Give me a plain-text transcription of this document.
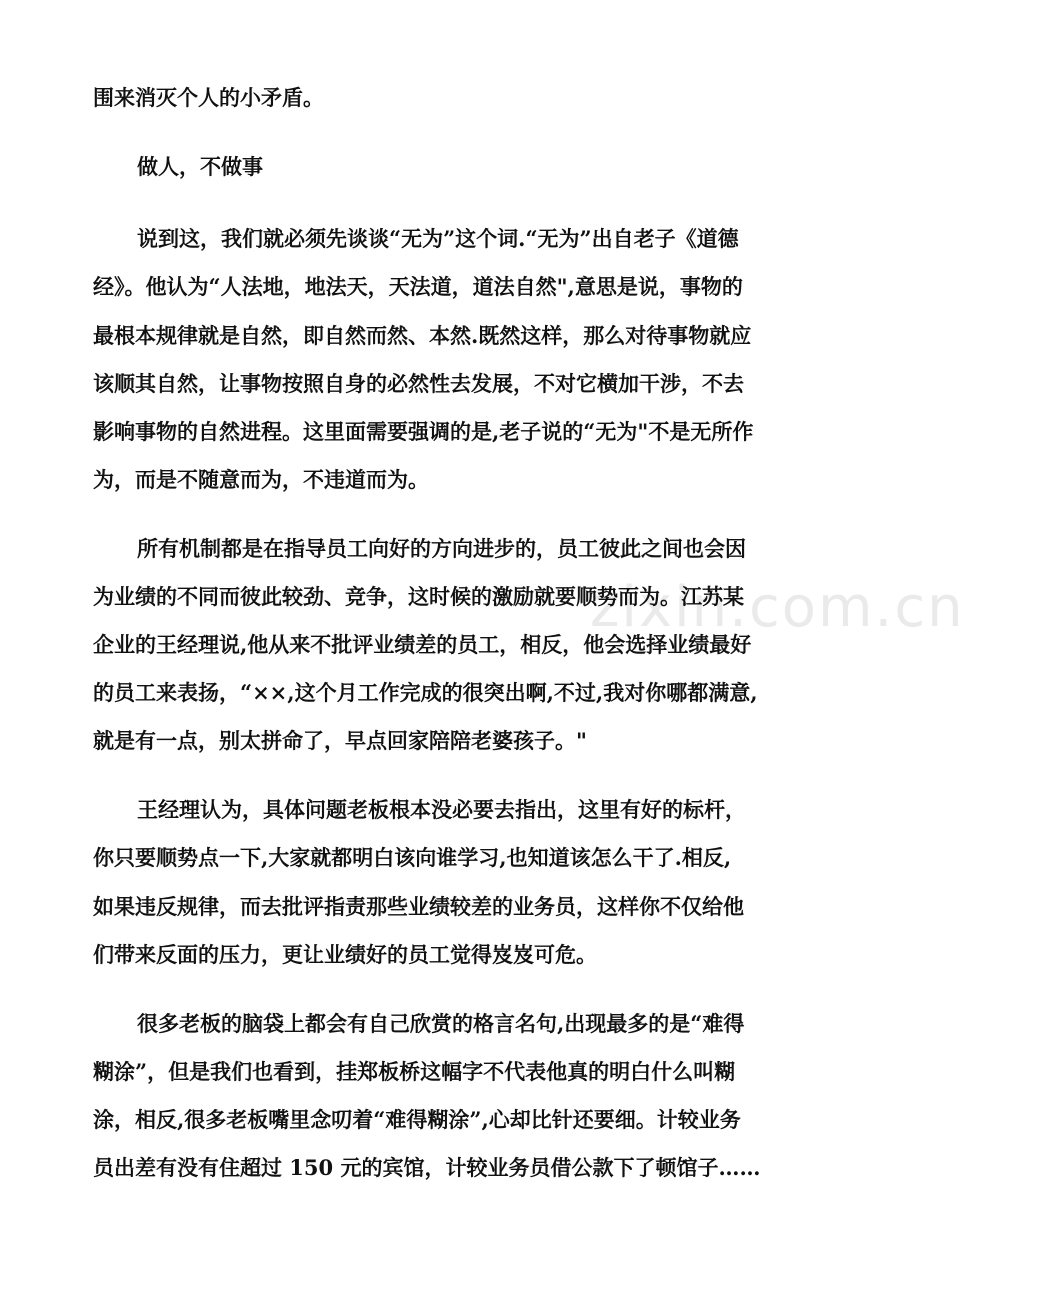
zixin.com.cn
围来消灭个人的小矛盾。
做人，不做事
说到这，我们就必须先谈谈“无为”这个词.“无为”出自老子《道德
经》。他认为“人法地，地法天，天法道，道法自然",意思是说，事物的
最根本规律就是自然，即自然而然、本然.既然这样，那么对待事物就应
该顺其自然，让事物按照自身的必然性去发展，不对它横加干涉，不去
影响事物的自然进程。这里面需要强调的是,老子说的“无为"不是无所作
为，而是不随意而为，不违道而为。
所有机制都是在指导员工向好的方向进步的，员工彼此之间也会因
为业绩的不同而彼此较劲、竞争，这时候的激励就要顺势而为。江苏某
企业的王经理说,他从来不批评业绩差的员工，相反，他会选择业绩最好
的员工来表扬，“××,这个月工作完成的很突出啊,不过,我对你哪都满意,
就是有一点，别太拼命了，早点回家陪陪老婆孩子。"
王经理认为，具体问题老板根本没必要去指出，这里有好的标杆，
你只要顺势点一下,大家就都明白该向谁学习,也知道该怎么干了.相反,
如果违反规律，而去批评指责那些业绩较差的业务员，这样你不仅给他
们带来反面的压力，更让业绩好的员工觉得岌岌可危。
很多老板的脑袋上都会有自己欣赏的格言名句,出现最多的是“难得
糊涂”，但是我们也看到，挂郑板桥这幅字不代表他真的明白什么叫糊
涂，相反,很多老板嘴里念叨着“难得糊涂”,心却比针还要细。计较业务
员出差有没有住超过 150 元的宾馆，计较业务员借公款下了顿馆子……
